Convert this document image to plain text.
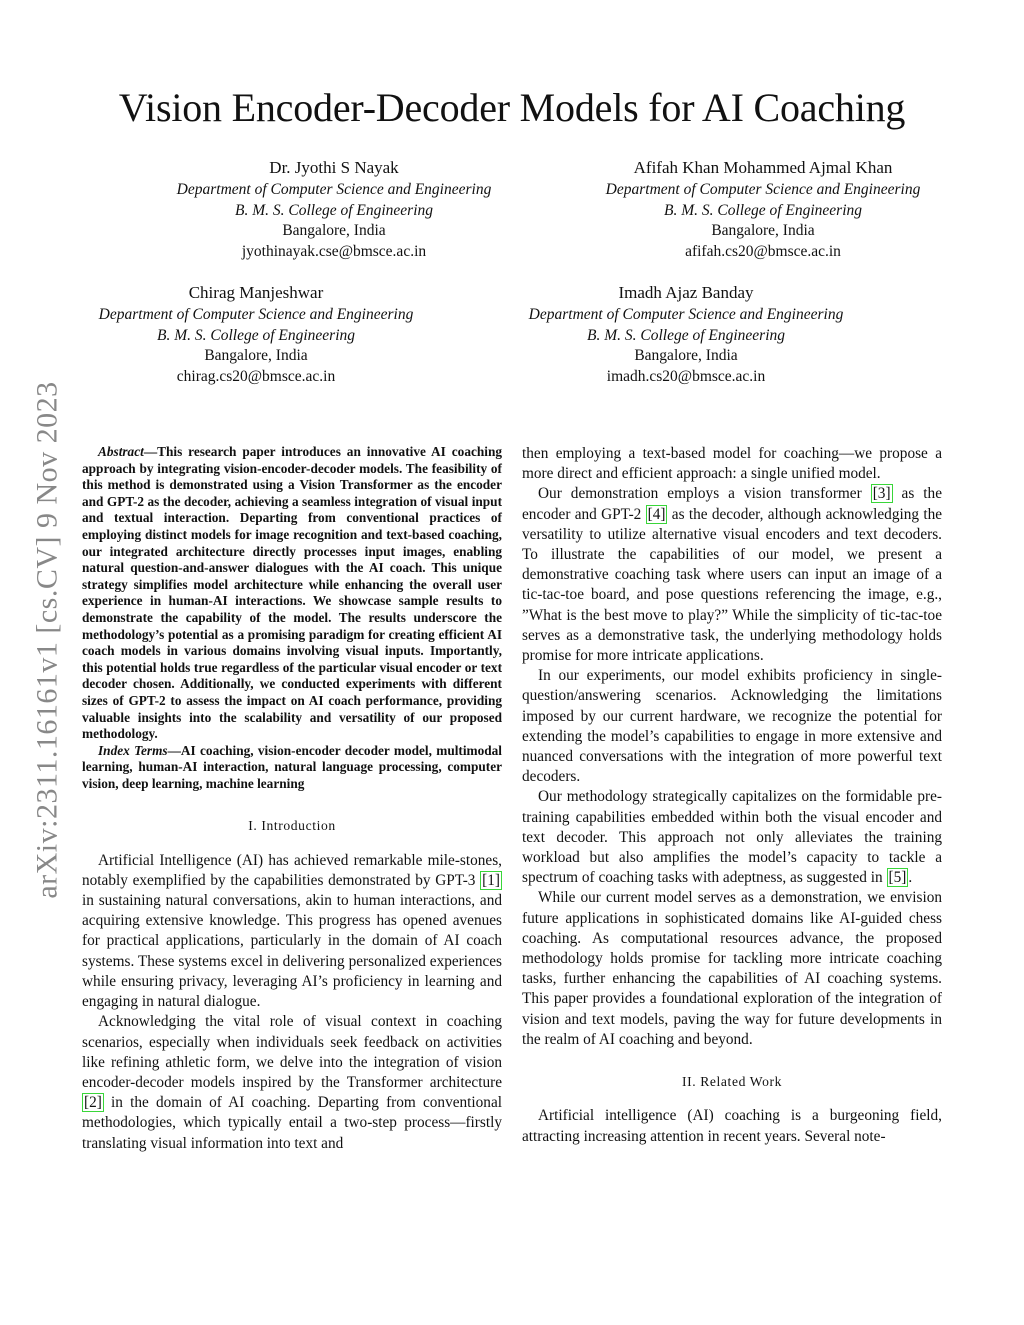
arXiv:2311.16161v1 [cs.CV] 9 Nov 2023
Vision Encoder-Decoder Models for AI Coaching
Dr. Jyothi S Nayak
Department of Computer Science and Engineering
B. M. S. College of Engineering
Bangalore, India
jyothinayak.cse@bmsce.ac.in
Afifah Khan Mohammed Ajmal Khan
Department of Computer Science and Engineering
B. M. S. College of Engineering
Bangalore, India
afifah.cs20@bmsce.ac.in
Chirag Manjeshwar
Department of Computer Science and Engineering
B. M. S. College of Engineering
Bangalore, India
chirag.cs20@bmsce.ac.in
Imadh Ajaz Banday
Department of Computer Science and Engineering
B. M. S. College of Engineering
Bangalore, India
imadh.cs20@bmsce.ac.in

Abstract—This research paper introduces an innovative AI coaching approach by integrating vision-encoder-decoder models. The feasibility of this method is demonstrated using a Vision Transformer as the encoder and GPT-2 as the decoder, achieving a seamless integration of visual input and textual interaction. Departing from conventional practices of employing distinct models for image recognition and text-based coaching, our integrated architecture directly processes input images, enabling natural question-and-answer dialogues with the AI coach. This unique strategy simplifies model architecture while enhancing the overall user experience in human-AI interactions. We showcase sample results to demonstrate the capability of the model. The results underscore the methodology’s potential as a promising paradigm for creating efficient AI coach models in various domains involving visual inputs. Importantly, this potential holds true regardless of the particular visual encoder or text decoder chosen. Additionally, we conducted experiments with different sizes of GPT-2 to assess the impact on AI coach performance, providing valuable insights into the scalability and versatility of our proposed methodology.

Index Terms—AI coaching, vision-encoder decoder model, multimodal learning, human-AI interaction, natural language processing, computer vision, deep learning, machine learning

I. Introduction

Artificial Intelligence (AI) has achieved remarkable mile-stones, notably exemplified by the capabilities demonstrated by GPT-3 [1] in sustaining natural conversations, akin to human interactions, and acquiring extensive knowledge. This progress has opened avenues for practical applications, particularly in the domain of AI coach systems. These systems excel in delivering personalized experiences while ensuring privacy, leveraging AI’s proficiency in learning and engaging in natural dialogue.

Acknowledging the vital role of visual context in coaching scenarios, especially when individuals seek feedback on activities like refining athletic form, we delve into the integration of vision encoder-decoder models inspired by the Transformer architecture [2] in the domain of AI coaching. Departing from conventional methodologies, which typically entail a two-step process—firstly translating visual information into text and

then employing a text-based model for coaching—we propose a more direct and efficient approach: a single unified model.

Our demonstration employs a vision transformer [3] as the encoder and GPT-2 [4] as the decoder, although acknowledging the versatility to utilize alternative visual encoders and text decoders. To illustrate the capabilities of our model, we present a demonstrative coaching task where users can input an image of a tic-tac-toe board, and pose questions referencing the image, e.g., ”What is the best move to play?” While the simplicity of tic-tac-toe serves as a demonstrative task, the underlying methodology holds promise for more intricate applications.

In our experiments, our model exhibits proficiency in single-question/answering scenarios. Acknowledging the limitations imposed by our current hardware, we recognize the potential for extending the model’s capabilities to engage in more extensive and nuanced conversations with the integration of more powerful text decoders.

Our methodology strategically capitalizes on the formidable pre-training capabilities embedded within both the visual encoder and text decoder. This approach not only alleviates the training workload but also amplifies the model’s capacity to tackle a spectrum of coaching tasks with adeptness, as suggested in [5] .

While our current model serves as a demonstration, we envision future applications in sophisticated domains like AI-guided chess coaching. As computational resources advance, the proposed methodology holds promise for tackling more intricate coaching tasks, further enhancing the capabilities of AI coaching systems. This paper provides a foundational exploration of the integration of vision and text models, paving the way for future developments in the realm of AI coaching and beyond.

II. Related Work

Artificial intelligence (AI) coaching is a burgeoning field, attracting increasing attention in recent years. Several note-
